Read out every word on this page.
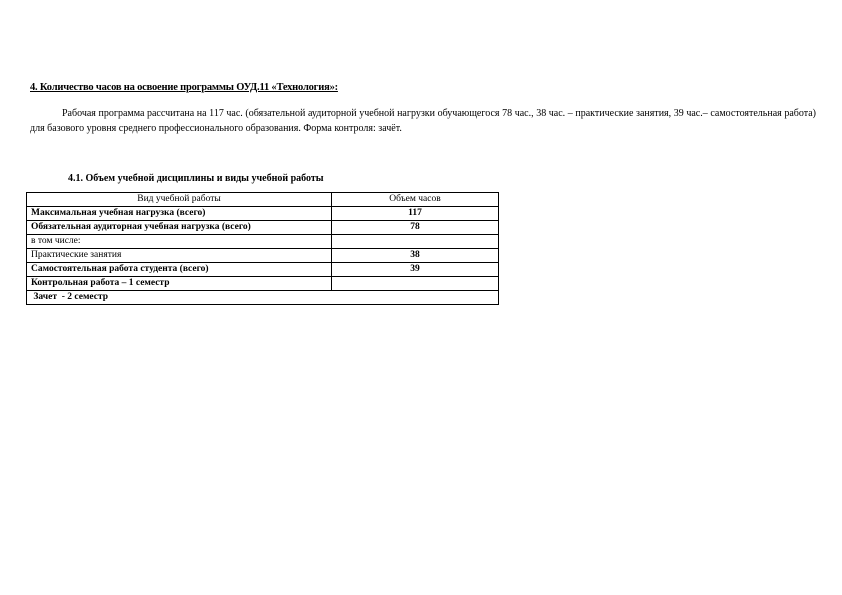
4. Количество часов на освоение программы ОУД.11 «Технология»:
Рабочая программа рассчитана на 117 час. (обязательной аудиторной учебной нагрузки обучающегося 78 час., 38 час. – практические занятия, 39 час.– самостоятельная работа) для базового уровня среднего профессионального образования. Форма контроля: зачёт.
4.1. Объем учебной дисциплины и виды учебной работы
Вид учебной работы	Объем часов
Максимальная учебная нагрузка (всего)	117
Обязательная аудиторная учебная нагрузка (всего)	78
в том числе:	
Практические занятия	38
Самостоятельная работа студента (всего)	39
Контрольная работа – 1 семестр	
Зачет  - 2 семестр	
